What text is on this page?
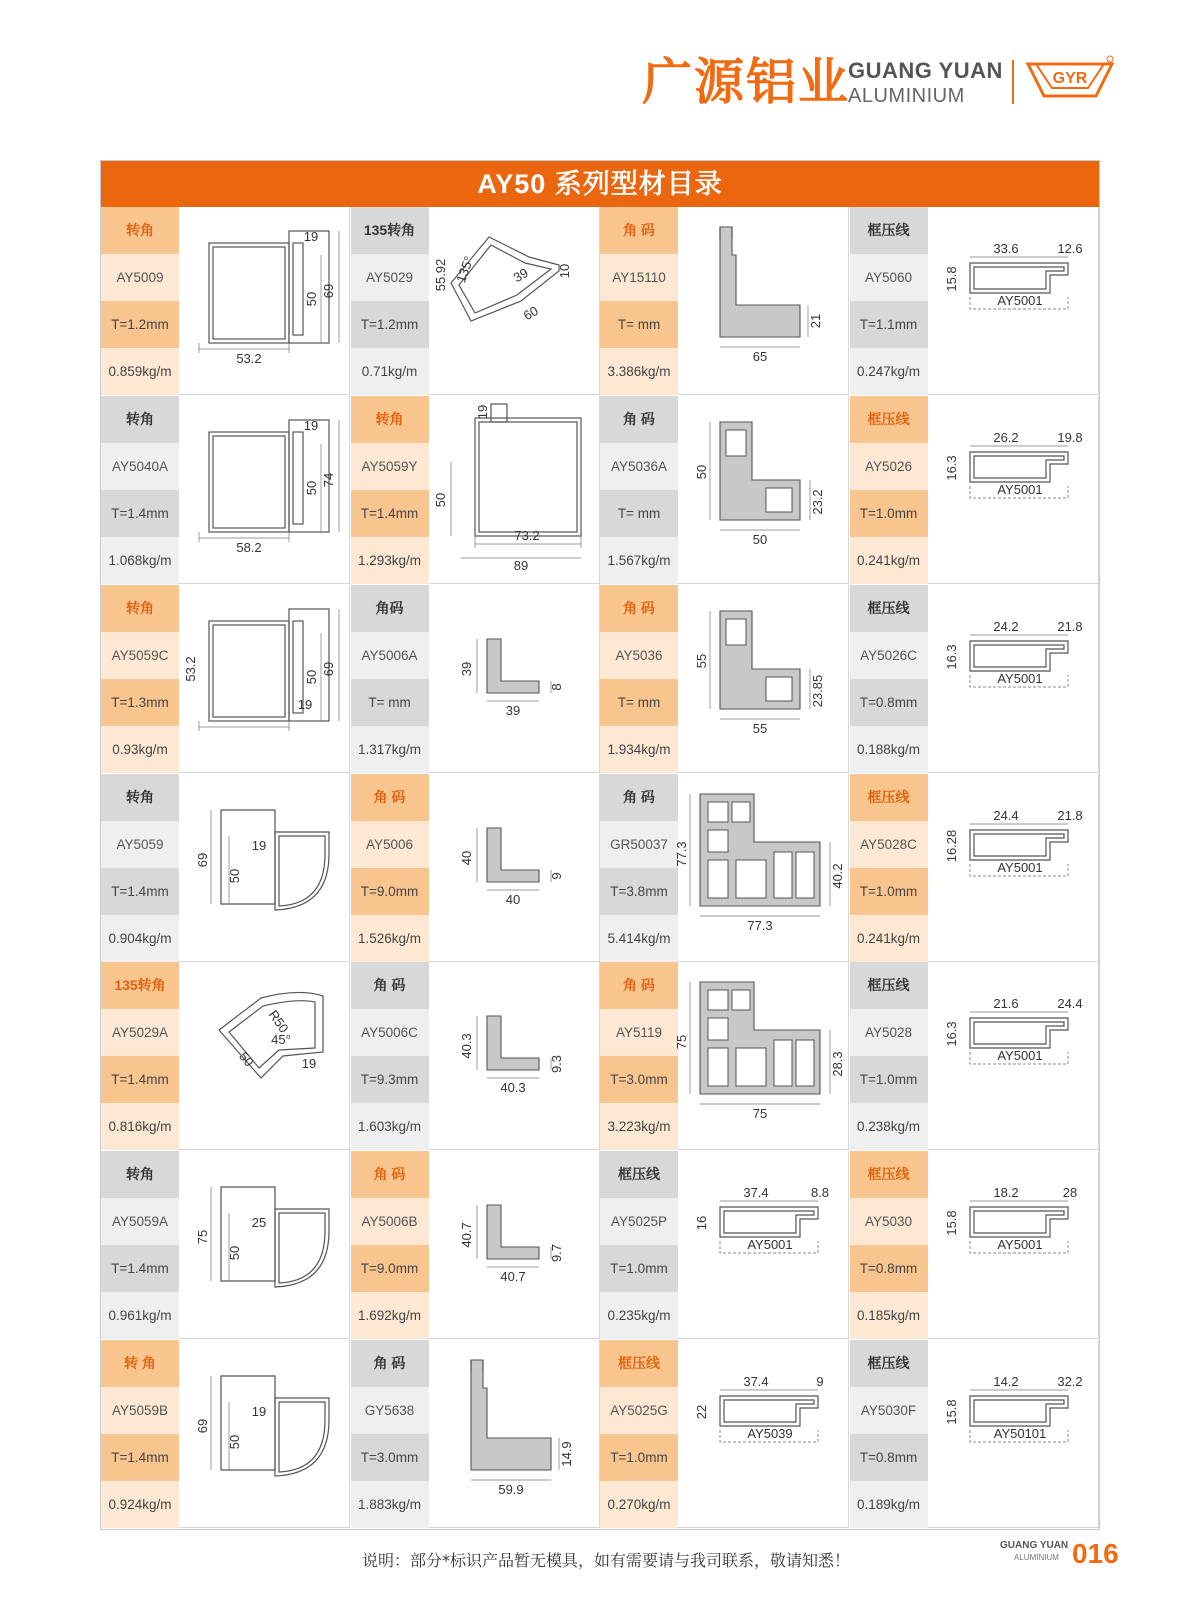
广源铝业
GUANG YUAN
ALUMINIUM
GYR
AY50 系列型材目录
转角
AY5009
T=1.2mm
0.859kg/m
19
50
69
53.2
135转角
AY5029
T=1.2mm
0.71kg/m
55.92 135°	39 10
60
角 码
AY15110
T= mm
3.386kg/m
65
21
框压线
AY5060
T=1.1mm
0.247kg/m
33.6	12.6
15.8
AY5001
转角
AY5040A
T=1.4mm
1.068kg/m
19
50
74
58.2
转角
AY5059Y
T=1.4mm
1.293kg/m
19
50
73.2
89
角 码
AY5036A
T= mm
1.567kg/m
50
23.2
50
框压线
AY5026
T=1.0mm
0.241kg/m
26.2	19.8
16.3
AY5001
转角
AY5059C
T=1.3mm
0.93kg/m
53.2
19
50
69
角码
AY5006A
T= mm
1.317kg/m
39
8
39
角 码
AY5036
T= mm
1.934kg/m
55
23.85
55
框压线
AY5026C
T=0.8mm
0.188kg/m
24.2	21.8
16.3
AY5001
转角
AY5059
T=1.4mm
0.904kg/m
69
50
19
角 码
AY5006
T=9.0mm
1.526kg/m
40
9
40
角 码
GR50037
T=3.8mm
5.414kg/m
77.3
40.2
77.3
框压线
AY5028C
T=1.0mm
0.241kg/m
24.4	21.8
16.28
AY5001
135转角
AY5029A
T=1.4mm
0.816kg/m
R50
45°
50	19
角 码
AY5006C
T=9.3mm
1.603kg/m
40.3
9.3
40.3
角 码
AY5119
T=3.0mm
3.223kg/m
75
28.3
75
框压线
AY5028
T=1.0mm
0.238kg/m
21.6	24.4
16.3
AY5001
转角
AY5059A
T=1.4mm
0.961kg/m
75
50
25
角 码
AY5006B
T=9.0mm
1.692kg/m
40.7
9.7
40.7
框压线
AY5025P
T=1.0mm
0.235kg/m
37.4	8.8
16
AY5001
框压线
AY5030
T=0.8mm
0.185kg/m
18.2	28
15.8
AY5001
转 角
AY5059B
T=1.4mm
0.924kg/m
69
50
19
角 码
GY5638
T=3.0mm
1.883kg/m
59.9
14.9
框压线
AY5025G
T=1.0mm
0.270kg/m
37.4	9
22
AY5039
框压线
AY5030F
T=0.8mm
0.189kg/m
14.2	32.2
15.8
AY50101
说明：部分*标识产品暂无模具，如有需要请与我司联系，敬请知悉！
GUANG YUAN
ALUMINIUM 016
